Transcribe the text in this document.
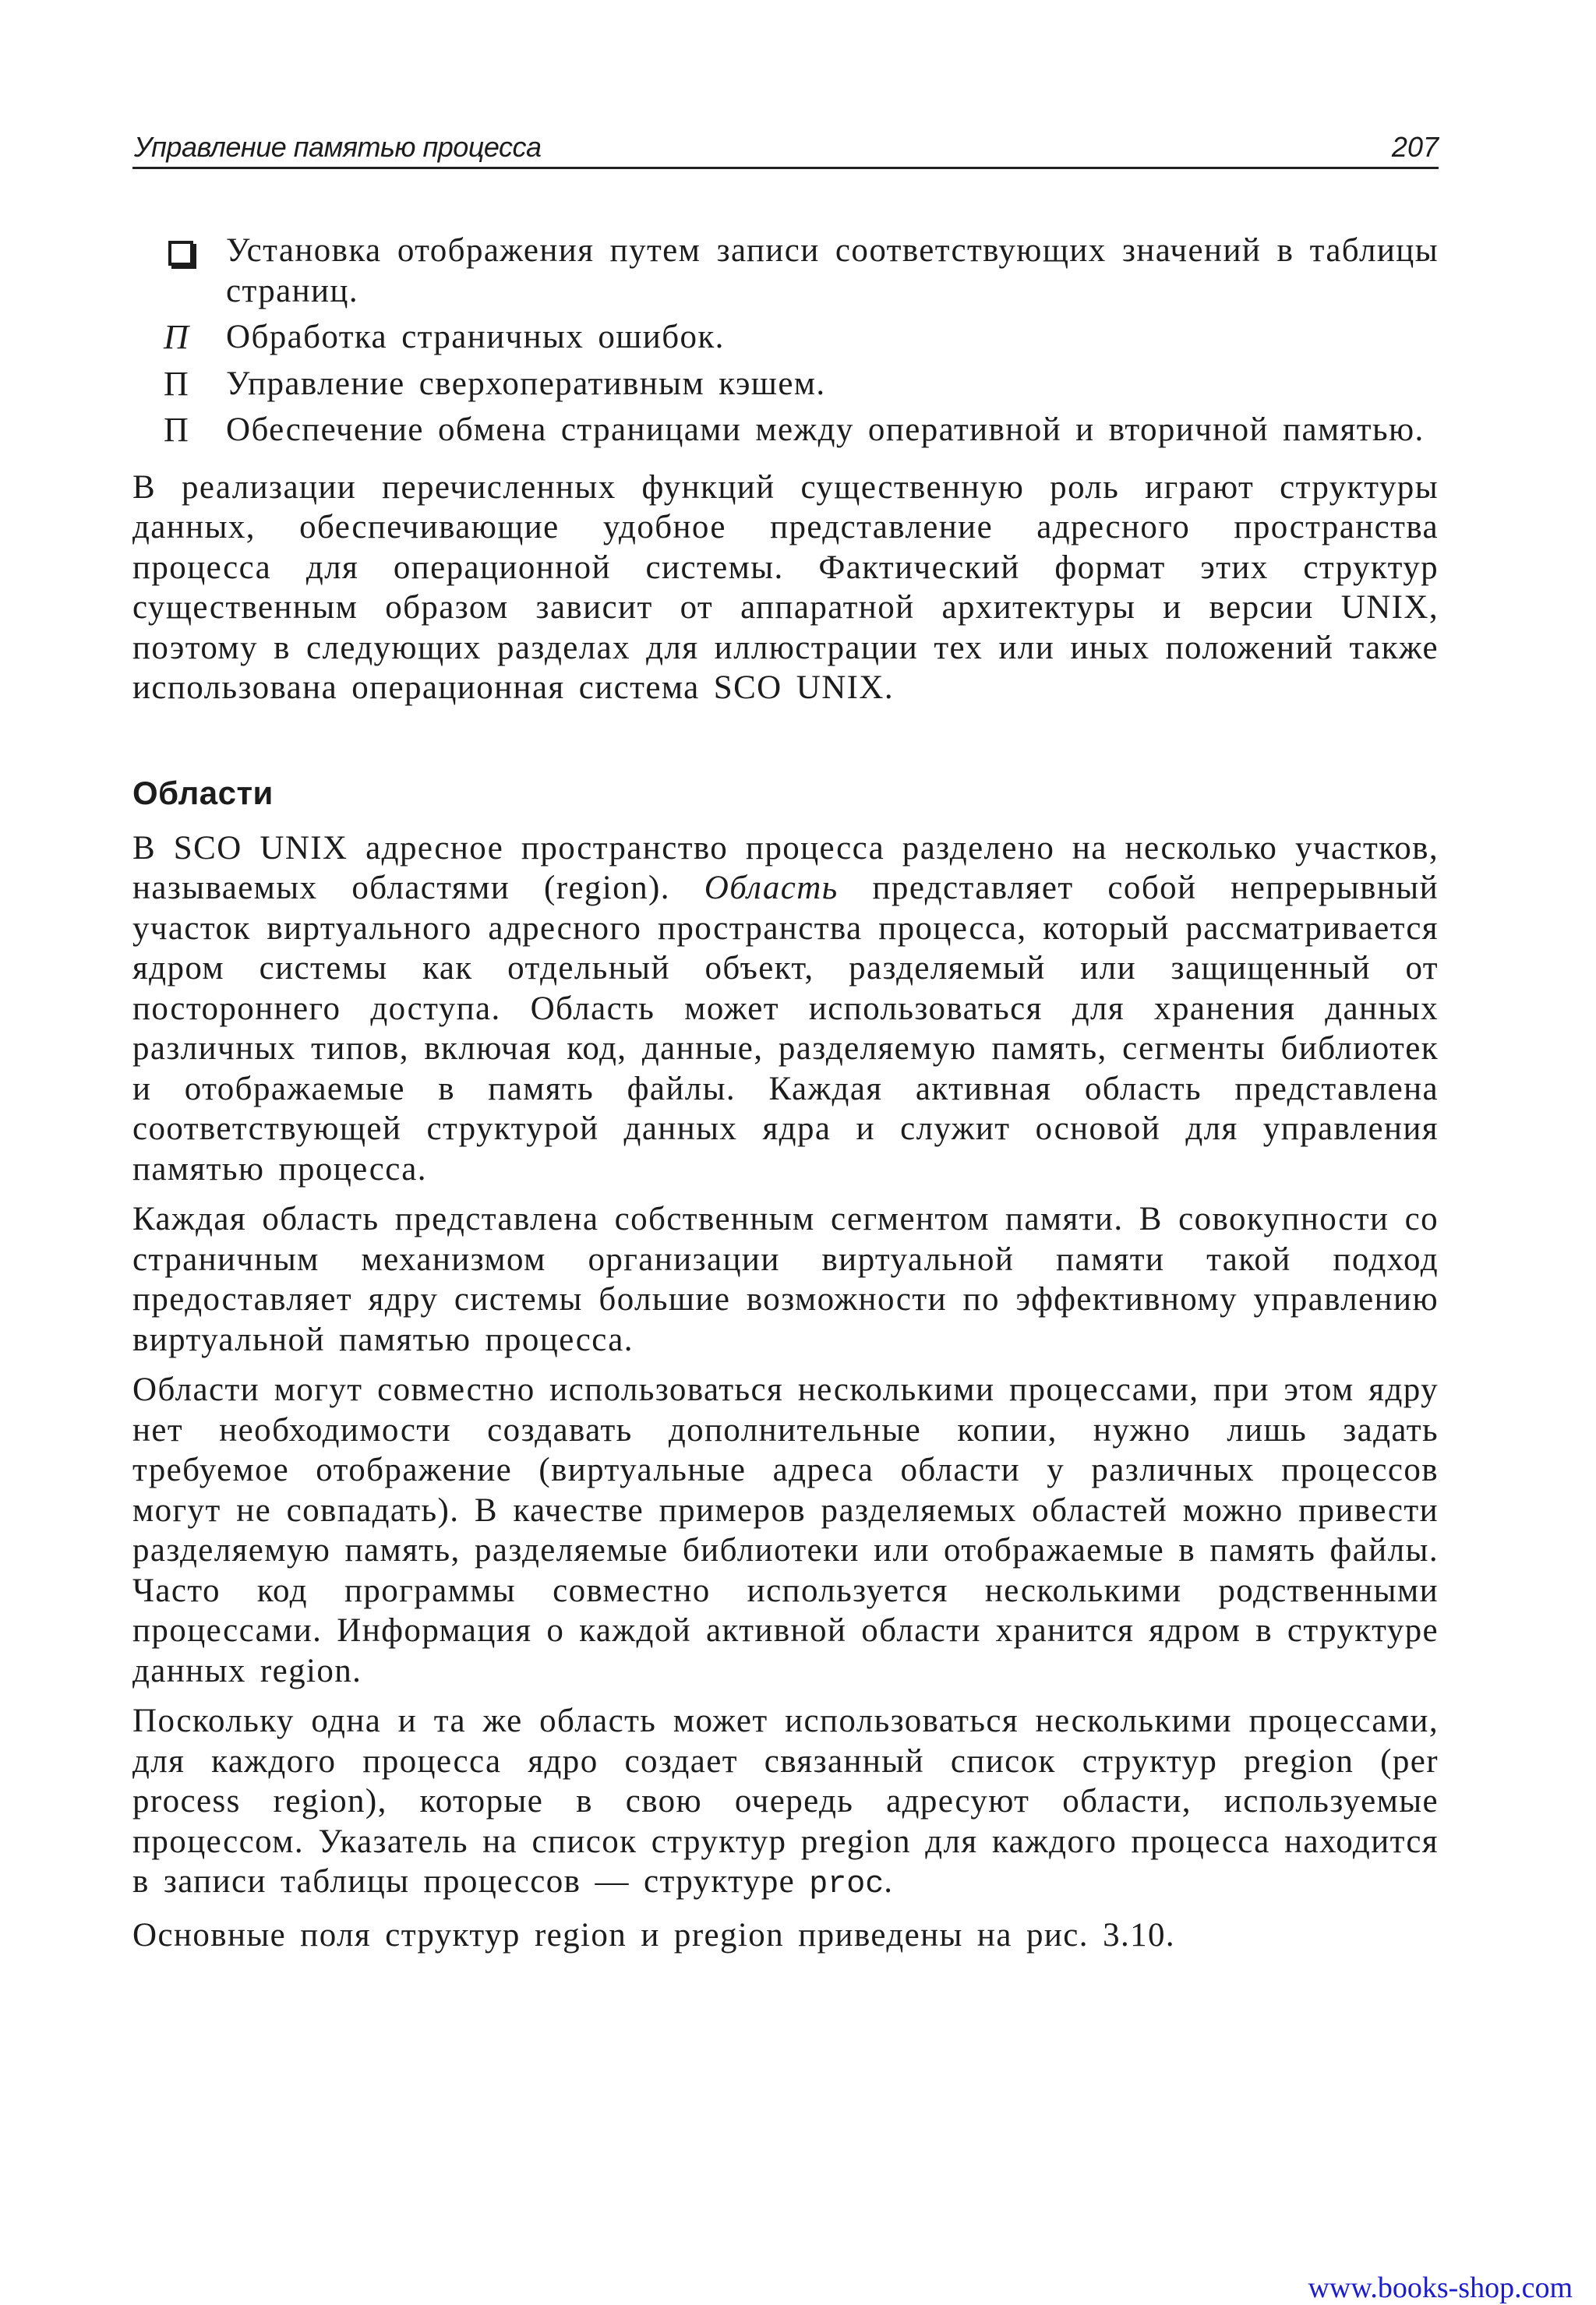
Управление памятью процесса	207
Установка отображения путем записи соответствующих значений в таблицы страниц.
П Обработка страничных ошибок.
П Управление сверхоперативным кэшем.
П Обеспечение обмена страницами между оперативной и вторичной памятью.

В реализации перечисленных функций существенную роль играют структуры данных, обеспечивающие удобное представление адресного пространства процесса для операционной системы. Фактический формат этих структур существенным образом зависит от аппаратной архитектуры и версии UNIX, поэтому в следующих разделах для иллюстрации тех или иных положений также использована операционная система SCO UNIX.

Области

В SCO UNIX адресное пространство процесса разделено на несколько участков, называемых областями (region). Область представляет собой непрерывный участок виртуального адресного пространства процесса, который рассматривается ядром системы как отдельный объект, разделяемый или защищенный от постороннего доступа. Область может использоваться для хранения данных различных типов, включая код, данные, разделяемую память, сегменты библиотек и отображаемые в память файлы. Каждая активная область представлена соответствующей структурой данных ядра и служит основой для управления памятью процесса.

Каждая область представлена собственным сегментом памяти. В совокупности со страничным механизмом организации виртуальной памяти такой подход предоставляет ядру системы большие возможности по эффективному управлению виртуальной памятью процесса.

Области могут совместно использоваться несколькими процессами, при этом ядру нет необходимости создавать дополнительные копии, нужно лишь задать требуемое отображение (виртуальные адреса области у различных процессов могут не совпадать). В качестве примеров разделяемых областей можно привести разделяемую память, разделяемые библиотеки или отображаемые в память файлы. Часто код программы совместно используется несколькими родственными процессами. Информация о каждой активной области хранится ядром в структуре данных region.

Поскольку одна и та же область может использоваться несколькими процессами, для каждого процесса ядро создает связанный список структур pregion (per process region), которые в свою очередь адресуют области, используемые процессом. Указатель на список структур pregion для каждого процесса находится в записи таблицы процессов — структуре proc.

Основные поля структур region и pregion приведены на рис. 3.10.

www.books-shop.com
